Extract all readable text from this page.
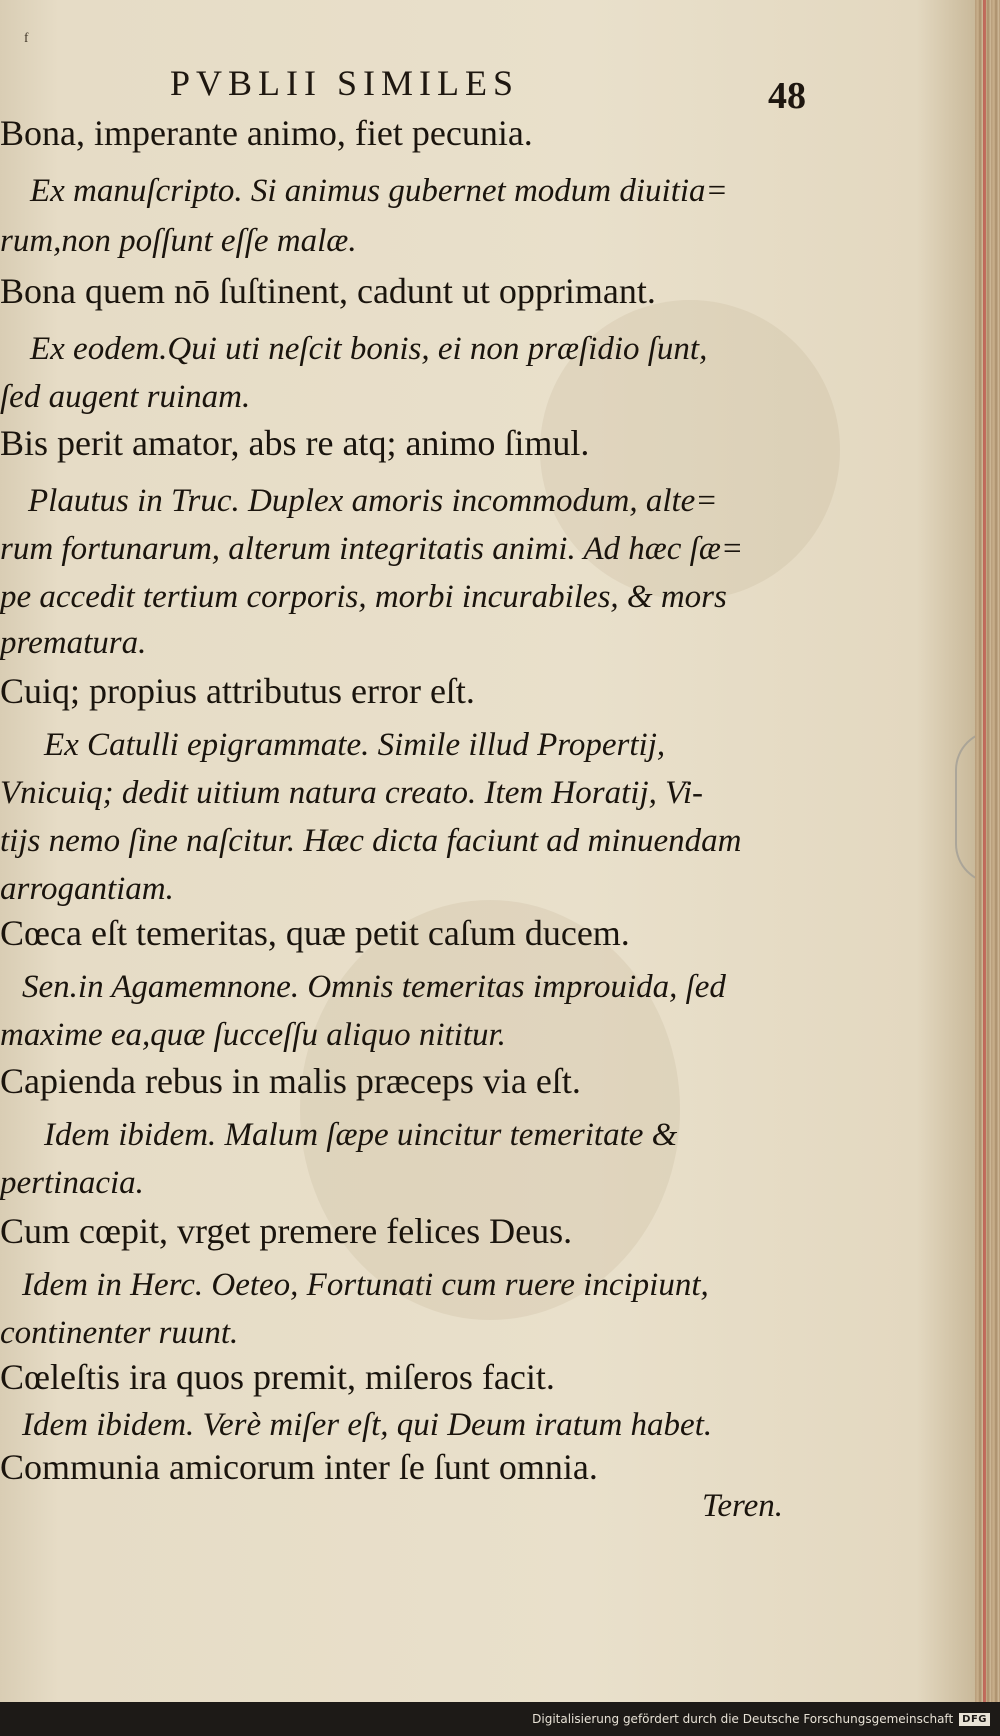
ᶠ
PVBLII SIMILES	48
Bona, imperante animo, fiet pecunia.
Ex manuſcripto. Si animus gubernet modum diuitia=
rum,non poſſunt eſſe malæ.
Bona quem nō ſuſtinent, cadunt ut opprimant.
Ex eodem.Qui uti neſcit bonis, ei non præſidio ſunt,
ſed augent ruinam.
Bis perit amator, abs re atq; animo ſimul.
Plautus in Truc. Duplex amoris incommodum, alte=
rum fortunarum, alterum integritatis animi. Ad hæc ſæ=
pe accedit tertium corporis, morbi incurabiles, & mors
prematura.
Cuiq; propius attributus error eſt.
Ex Catulli epigrammate. Simile illud Propertij,
Vnicuiq; dedit uitium natura creato. Item Horatij, Vi-
tijs nemo ſine naſcitur. Hæc dicta faciunt ad minuendam
arrogantiam.
Cœca eſt temeritas, quæ petit caſum ducem.
Sen.in Agamemnone. Omnis temeritas improuida, ſed
maxime ea,quæ ſucceſſu aliquo nititur.
Capienda rebus in malis præceps via eſt.
Idem ibidem. Malum ſæpe uincitur temeritate &
pertinacia.
Cum cœpit, vrget premere felices Deus.
Idem in Herc. Oeteo, Fortunati cum ruere incipiunt,
continenter ruunt.
Cœleſtis ira quos premit, miſeros facit.
Idem ibidem. Verè miſer eſt, qui Deum iratum habet.
Communia amicorum inter ſe ſunt omnia.
Teren.
Digitalisierung gefördert durch die Deutsche Forschungsgemeinschaft DFG
